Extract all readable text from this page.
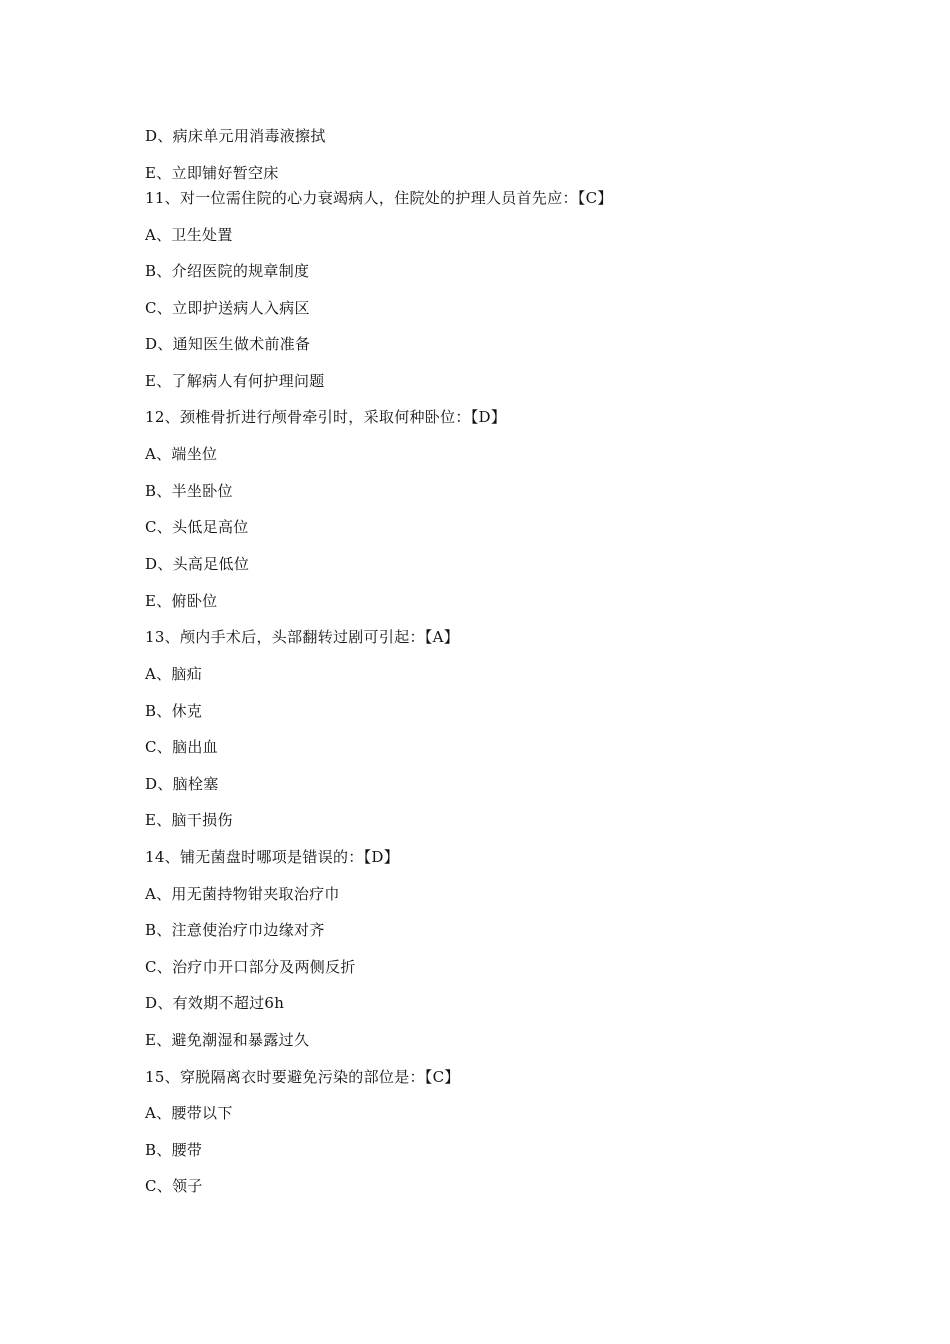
D、病床单元用消毒液擦拭
E、立即铺好暂空床
11、对一位需住院的心力衰竭病人，住院处的护理人员首先应：【C】
A、卫生处置
B、介绍医院的规章制度
C、立即护送病人入病区
D、通知医生做术前准备
E、了解病人有何护理问题
12、颈椎骨折进行颅骨牵引时，采取何种卧位：【D】
A、端坐位
B、半坐卧位
C、头低足高位
D、头高足低位
E、俯卧位
13、颅内手术后，头部翻转过剧可引起：【A】
A、脑疝
B、休克
C、脑出血
D、脑栓塞
E、脑干损伤
14、铺无菌盘时哪项是错误的：【D】
A、用无菌持物钳夹取治疗巾
B、注意使治疗巾边缘对齐
C、治疗巾开口部分及两侧反折
D、有效期不超过6h
E、避免潮湿和暴露过久
15、穿脱隔离衣时要避免污染的部位是：【C】
A、腰带以下
B、腰带
C、领子
